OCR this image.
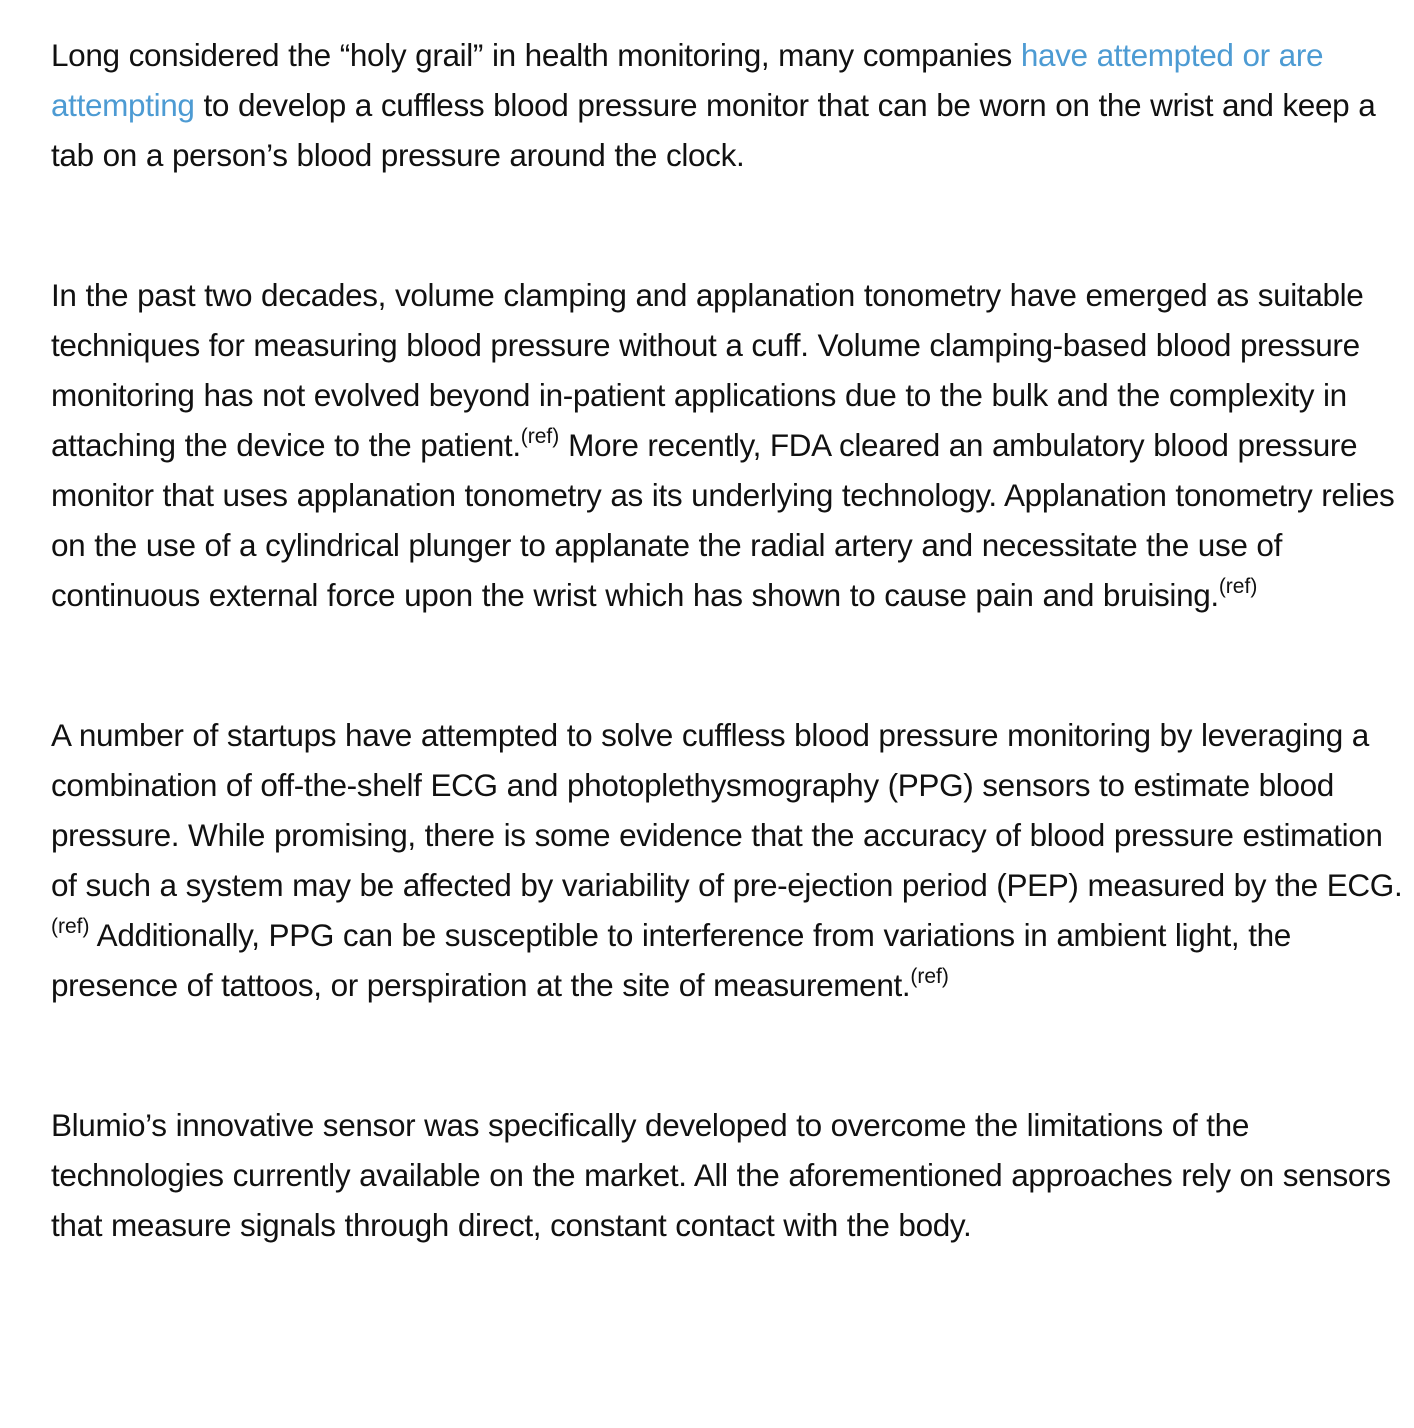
Long considered the “holy grail” in health monitoring, many companies have attempted or are attempting to develop a cuffless blood pressure monitor that can be worn on the wrist and keep a tab on a person’s blood pressure around the clock.

In the past two decades, volume clamping and applanation tonometry have emerged as suitable techniques for measuring blood pressure without a cuff. Volume clamping-based blood pressure monitoring has not evolved beyond in-patient applications due to the bulk and the complexity in attaching the device to the patient.$^{(ref)}$ More recently, FDA cleared an ambulatory blood pressure monitor that uses applanation tonometry as its underlying technology. Applanation tonometry relies on the use of a cylindrical plunger to applanate the radial artery and necessitate the use of continuous external force upon the wrist which has shown to cause pain and bruising.$^{(ref)}$

A number of startups have attempted to solve cuffless blood pressure monitoring by leveraging a combination of off-the-shelf ECG and photoplethysmography (PPG) sensors to estimate blood pressure. While promising, there is some evidence that the accuracy of blood pressure estimation of such a system may be affected by variability of pre-ejection period (PEP) measured by the ECG.$^{(ref)}$ Additionally, PPG can be susceptible to interference from variations in ambient light, the presence of tattoos, or perspiration at the site of measurement.$^{(ref)}$

Blumio’s innovative sensor was specifically developed to overcome the limitations of the technologies currently available on the market. All the aforementioned approaches rely on sensors that measure signals through direct, constant contact with the body.
